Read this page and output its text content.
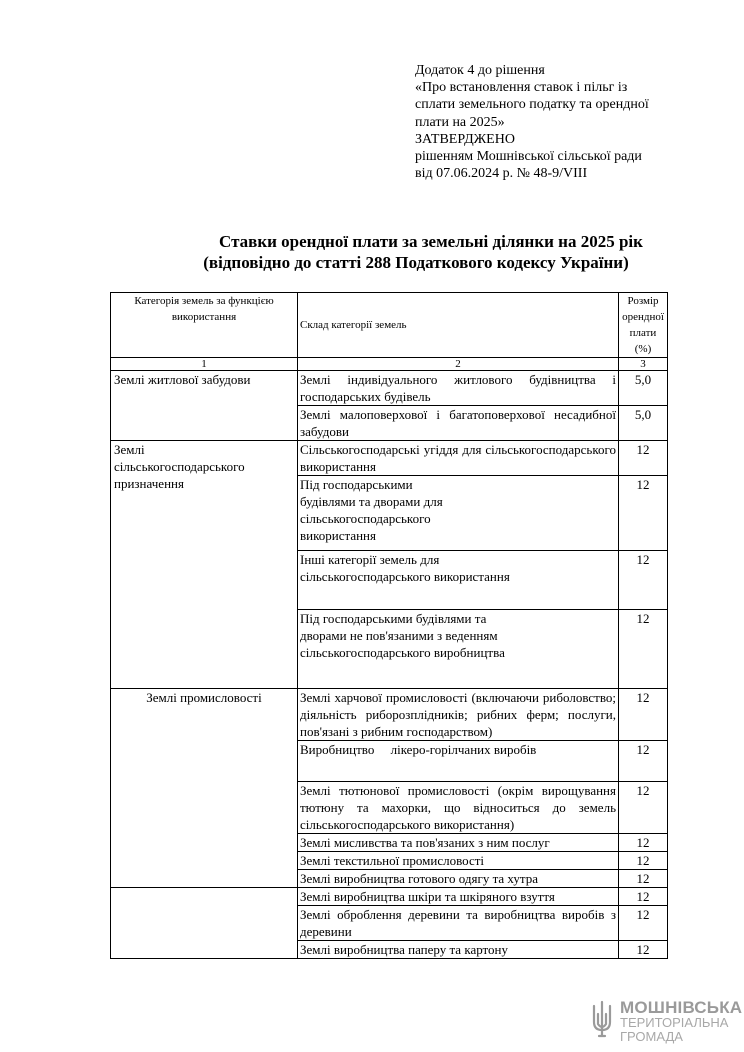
Додаток 4 до рішення
«Про встановлення ставок і пільг із
сплати земельного податку та орендної
плати на 2025»
ЗАТВЕРДЖЕНО
рішенням Мошнівської сільської ради
від 07.06.2024 р. № 48-9/VIII
Ставки орендної плати за земельні ділянки на 2025 рік
(відповідно до статті 288 Податкового кодексу України)
Категорія земель за функцією використання	Склад категорії земель	Розмір орендної плати (%)
1	2	3
Землі житлової забудови	Землі індивідуального житлового будівництва і господарських будівель	5,0
	Землі малоповерхової і багатоповерхової несадибної забудови	5,0

Землі сільськогосподарського призначення	Сільськогосподарські угіддя для сільськогосподарського використання	12

	Під господарськими будівлями та дворами для сільськогосподарського використання	12

	Інші категорії земель для сільськогосподарського використання	12

	Під господарськими будівлями та дворами не пов'язаними з веденням сільськогосподарського виробництва	12
Землі промисловості	Землі харчової промисловості (включаючи риболовство; діяльність риборозплідників; рибних ферм; послуги, пов'язані з рибним господарством)	12
	Виробництво     лікеро-горілчаних виробів	12
	Землі тютюнової промисловості (окрім вирощування тютюну та махорки, що відноситься до земель сільськогосподарського використання)	12
	Землі мисливства та пов'язаних з ним послуг	12
	Землі текстильної промисловості	12
	Землі виробництва готового одягу та хутра	12
	Землі виробництва шкіри та шкіряного взуття	12
	Землі оброблення деревини та виробництва виробів з деревини	12
	Землі виробництва паперу та картону	12
МОШНІВСЬКА
ТЕРИТОРІАЛЬНА
ГРОМАДА
